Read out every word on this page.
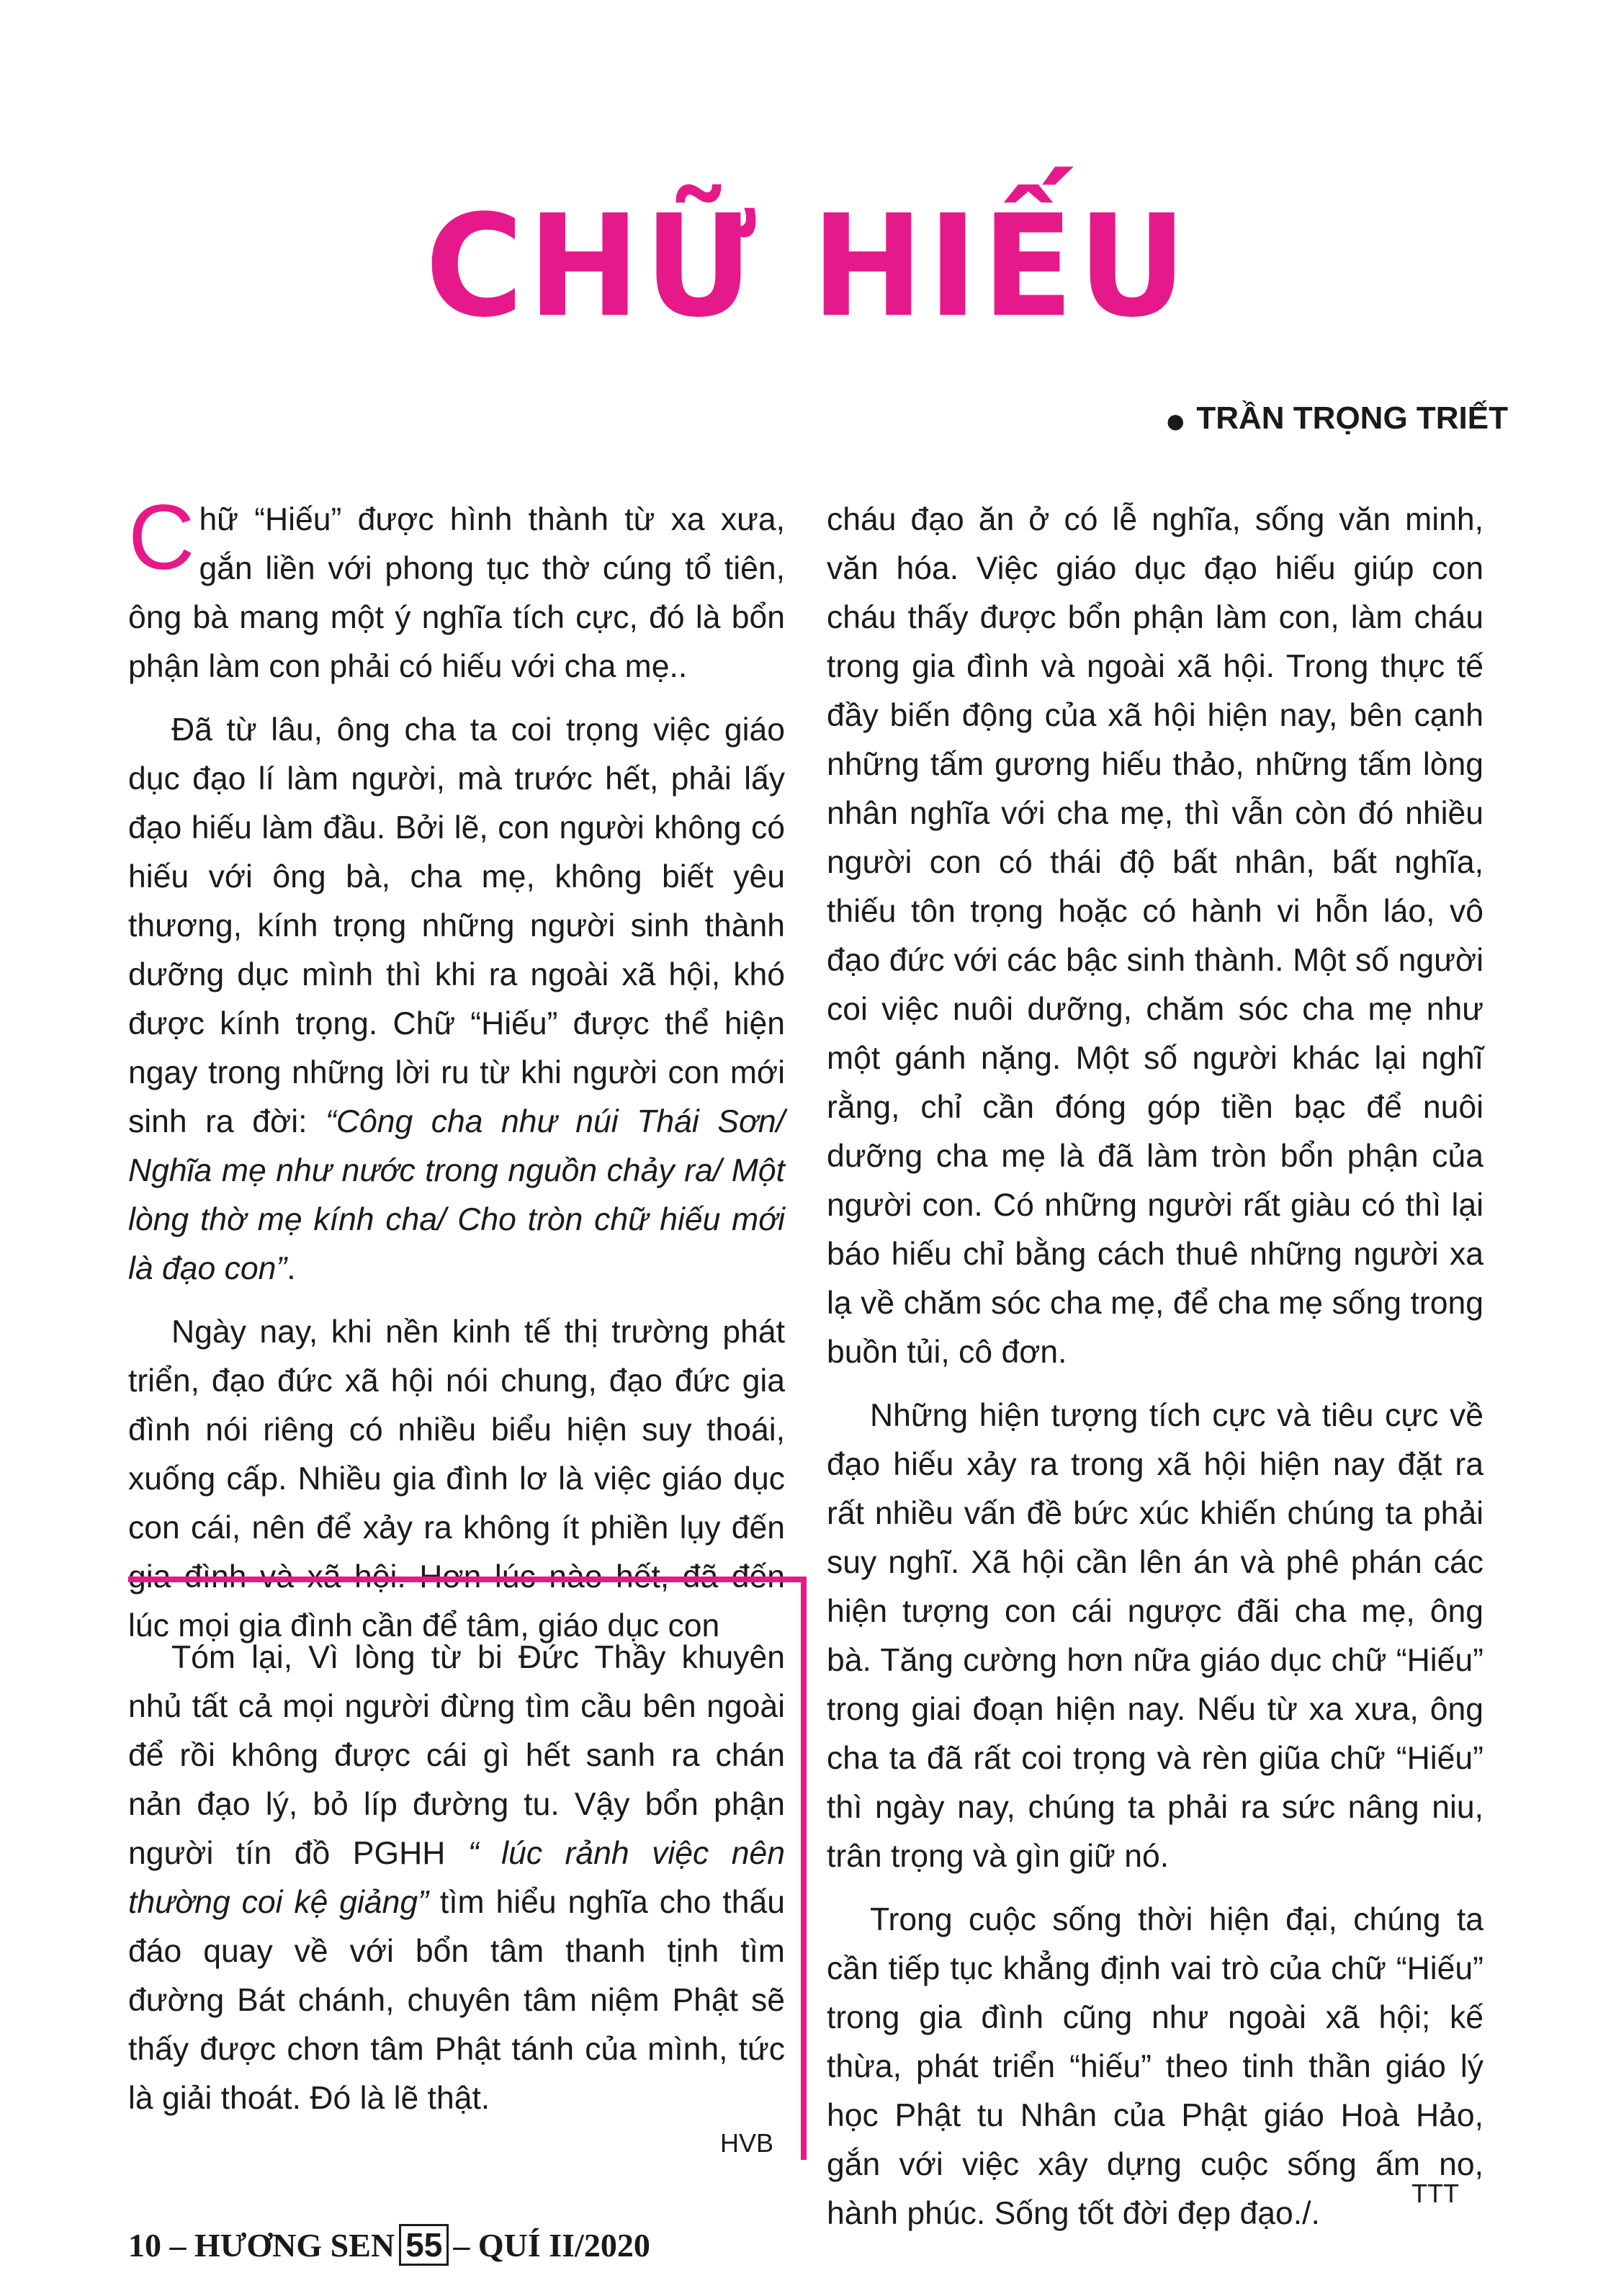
CHỮ HIẾU
● TRẦN TRỌNG TRIẾT

Chữ “Hiếu” được hình thành từ xa xưa, gắn liền với phong tục thờ cúng tổ tiên, ông bà mang một ý nghĩa tích cực, đó là bổn phận làm con phải có hiếu với cha mẹ..

Đã từ lâu, ông cha ta coi trọng việc giáo dục đạo lí làm người, mà trước hết, phải lấy đạo hiếu làm đầu. Bởi lẽ, con người không có hiếu với ông bà, cha mẹ, không biết yêu thương, kính trọng những người sinh thành dưỡng dục mình thì khi ra ngoài xã hội, khó được kính trọng. Chữ “Hiếu” được thể hiện ngay trong những lời ru từ khi người con mới sinh ra đời: “Công cha như núi Thái Sơn/ Nghĩa mẹ như nước trong nguồn chảy ra/ Một lòng thờ mẹ kính cha/ Cho tròn chữ hiếu mới là đạo con”.

Ngày nay, khi nền kinh tế thị trường phát triển, đạo đức xã hội nói chung, đạo đức gia đình nói riêng có nhiều biểu hiện suy thoái, xuống cấp. Nhiều gia đình lơ là việc giáo dục con cái, nên để xảy ra không ít phiền lụy đến lúc mọi gia đình cần để tâm, giáo dục con

cháu đạo ăn ở có lễ nghĩa, sống văn minh, văn hóa. Việc giáo dục đạo hiếu giúp con cháu thấy được bổn phận làm con, làm cháu trong gia đình và ngoài xã hội. Trong thực tế đầy biến động của xã hội hiện nay, bên cạnh những tấm gương hiếu thảo, những tấm lòng nhân nghĩa với cha mẹ, thì vẫn còn đó nhiều người con có thái độ bất nhân, bất nghĩa, thiếu tôn trọng hoặc có hành vi hỗn láo, vô đạo đức với các bậc sinh thành. Một số người coi việc nuôi dưỡng, chăm sóc cha mẹ như một gánh nặng. Một số người khác lại nghĩ rằng, chỉ cần đóng góp tiền bạc để nuôi dưỡng cha mẹ là đã làm tròn bổn phận của người con. Có những người rất giàu có thì lại báo hiếu chỉ bằng cách thuê những người xa lạ về chăm sóc cha mẹ, để cha mẹ sống trong buồn tủi, cô đơn.

Những hiện tượng tích cực và tiêu cực về đạo hiếu xảy ra trong xã hội hiện nay đặt ra rất nhiều vấn đề bức xúc khiến chúng ta phải suy nghĩ. Xã hội cần lên án và phê phán các hiện tượng con cái ngược đãi cha mẹ, ông bà. Tăng cường hơn nữa giáo dục chữ “Hiếu” trong giai đoạn hiện nay. Nếu từ xa xưa, ông cha ta đã rất coi trọng và rèn giũa chữ “Hiếu” thì ngày nay, chúng ta phải ra sức nâng niu, trân trọng và gìn giữ nó.

Trong cuộc sống thời hiện đại, chúng ta cần tiếp tục khẳng định vai trò của chữ “Hiếu” trong gia đình cũng như ngoài xã hội; kế thừa, phát triển “hiếu” theo tinh thần giáo lý học Phật tu Nhân của Phật giáo Hoà Hảo, gắn với việc xây dựng cuộc sống ấm no, hành phúc. Sống tốt đời đẹp đạo./.

Tóm lại, Vì lòng từ bi Đức Thầy khuyên nhủ tất cả mọi người đừng tìm cầu bên ngoài để rồi không được cái gì hết sanh ra chán nản đạo lý, bỏ líp đường tu. Vậy bổn phận người tín đồ PGHH “ lúc rảnh việc nên thường coi kệ giảng” tìm hiểu nghĩa cho thấu đáo quay về với bổn tâm thanh tịnh tìm đường Bát chánh, chuyên tâm niệm Phật sẽ thấy được chơn tâm Phật tánh của mình, tức là giải thoát. Đó là lẽ thật.

HVB
TTT
10 – HƯƠNG SEN 55 – QUÍ II/2020
